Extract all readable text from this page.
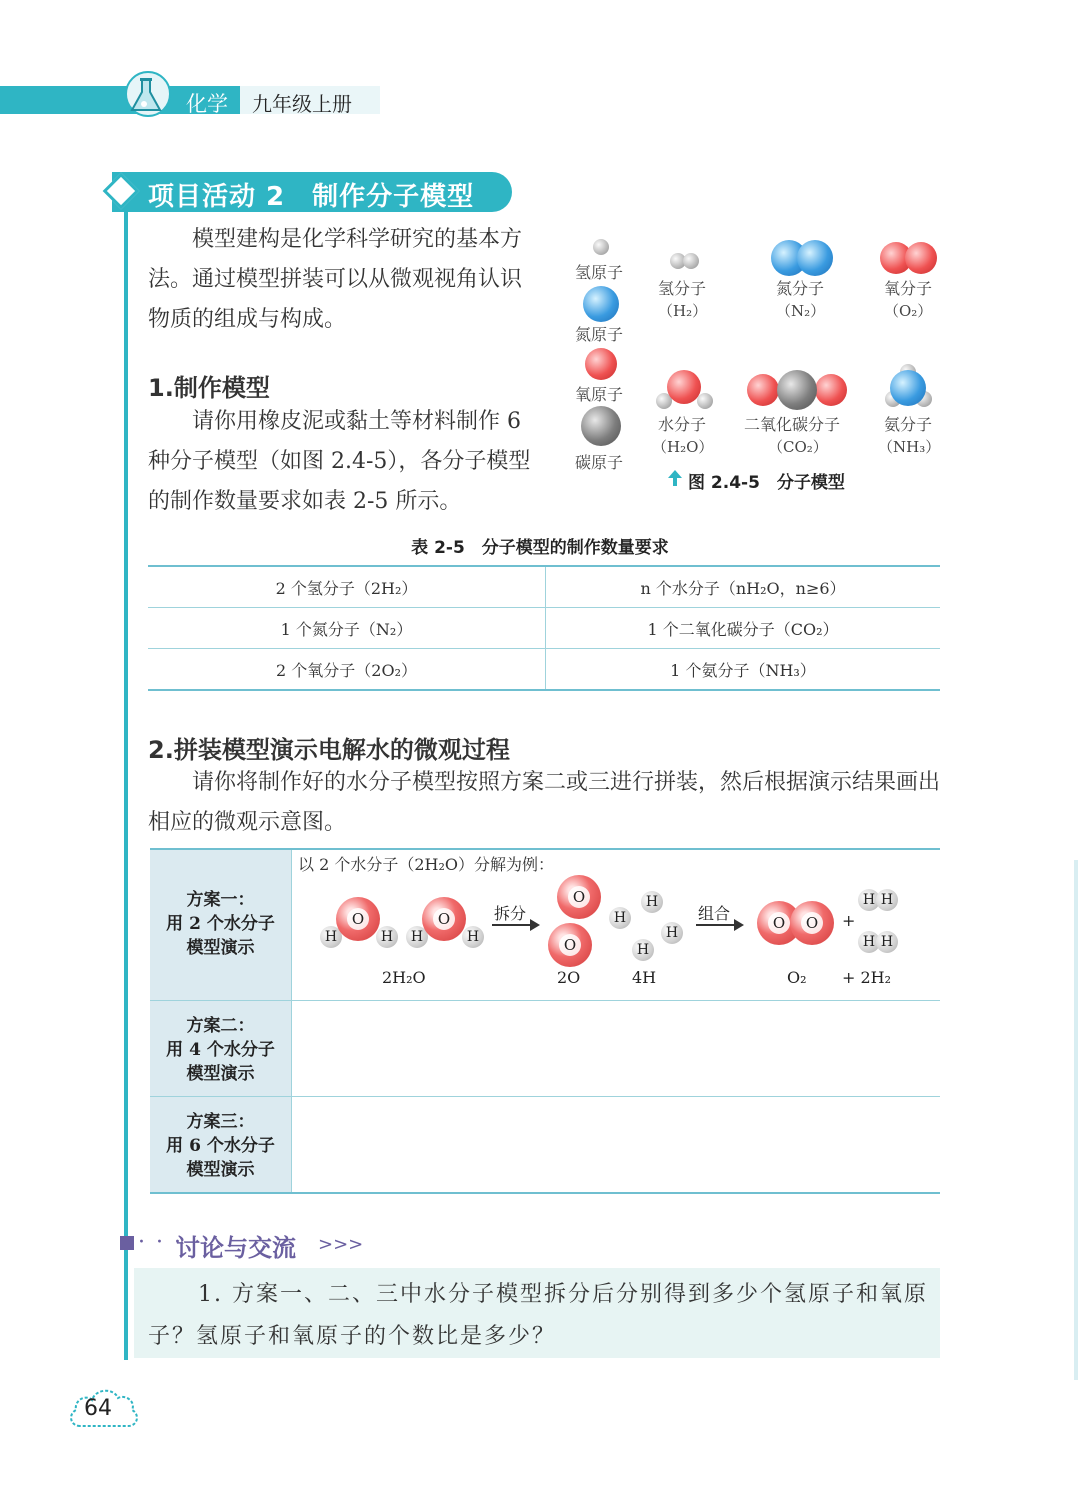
化学 九年级上册
项目活动 2　制作分子模型
　　模型建构是化学科学研究的基本方法。通过模型拼装可以从微观视角认识物质的组成与构成。
1.制作模型
　　请你用橡皮泥或黏土等材料制作 6 种分子模型（如图 2.4-5），各分子模型的制作数量要求如表 2-5 所示。
氢原子
氮原子
氧原子
碳原子
氢分子
（H₂）
氮分子
（N₂）
氧分子
（O₂）
水分子
（H₂O）
二氧化碳分子
（CO₂）
氨分子
（NH₃）
图 2.4-5　分子模型
表 2-5　分子模型的制作数量要求
2 个氢分子（2H₂）	n 个水分子（nH₂O，n≥6）
1 个氮分子（N₂）	1 个二氧化碳分子（CO₂）
2 个氧分子（2O₂）	1 个氨分子（NH₃）
2.拼装模型演示电解水的微观过程
　　请你将制作好的水分子模型按照方案二或三进行拼装，然后根据演示结果画出相应的微观示意图。
方案一：
用 2 个水分子
模型演示
方案二：
用 4 个水分子
模型演示
方案三：
用 6 个水分子
模型演示
以 2 个水分子（2H₂O）分解为例：
H	H
O
H	H
O
2H₂O
拆分
O
O
2O
H
H
H
H
4H
组合	O	O	+
H H
H H
O₂ + 2H₂
· · ·
讨论与交流 >>>
1. 方案一、二、三中水分子模型拆分后分别得到多少个氢原子和氧原子？氢原子和氧原子的个数比是多少？
64
